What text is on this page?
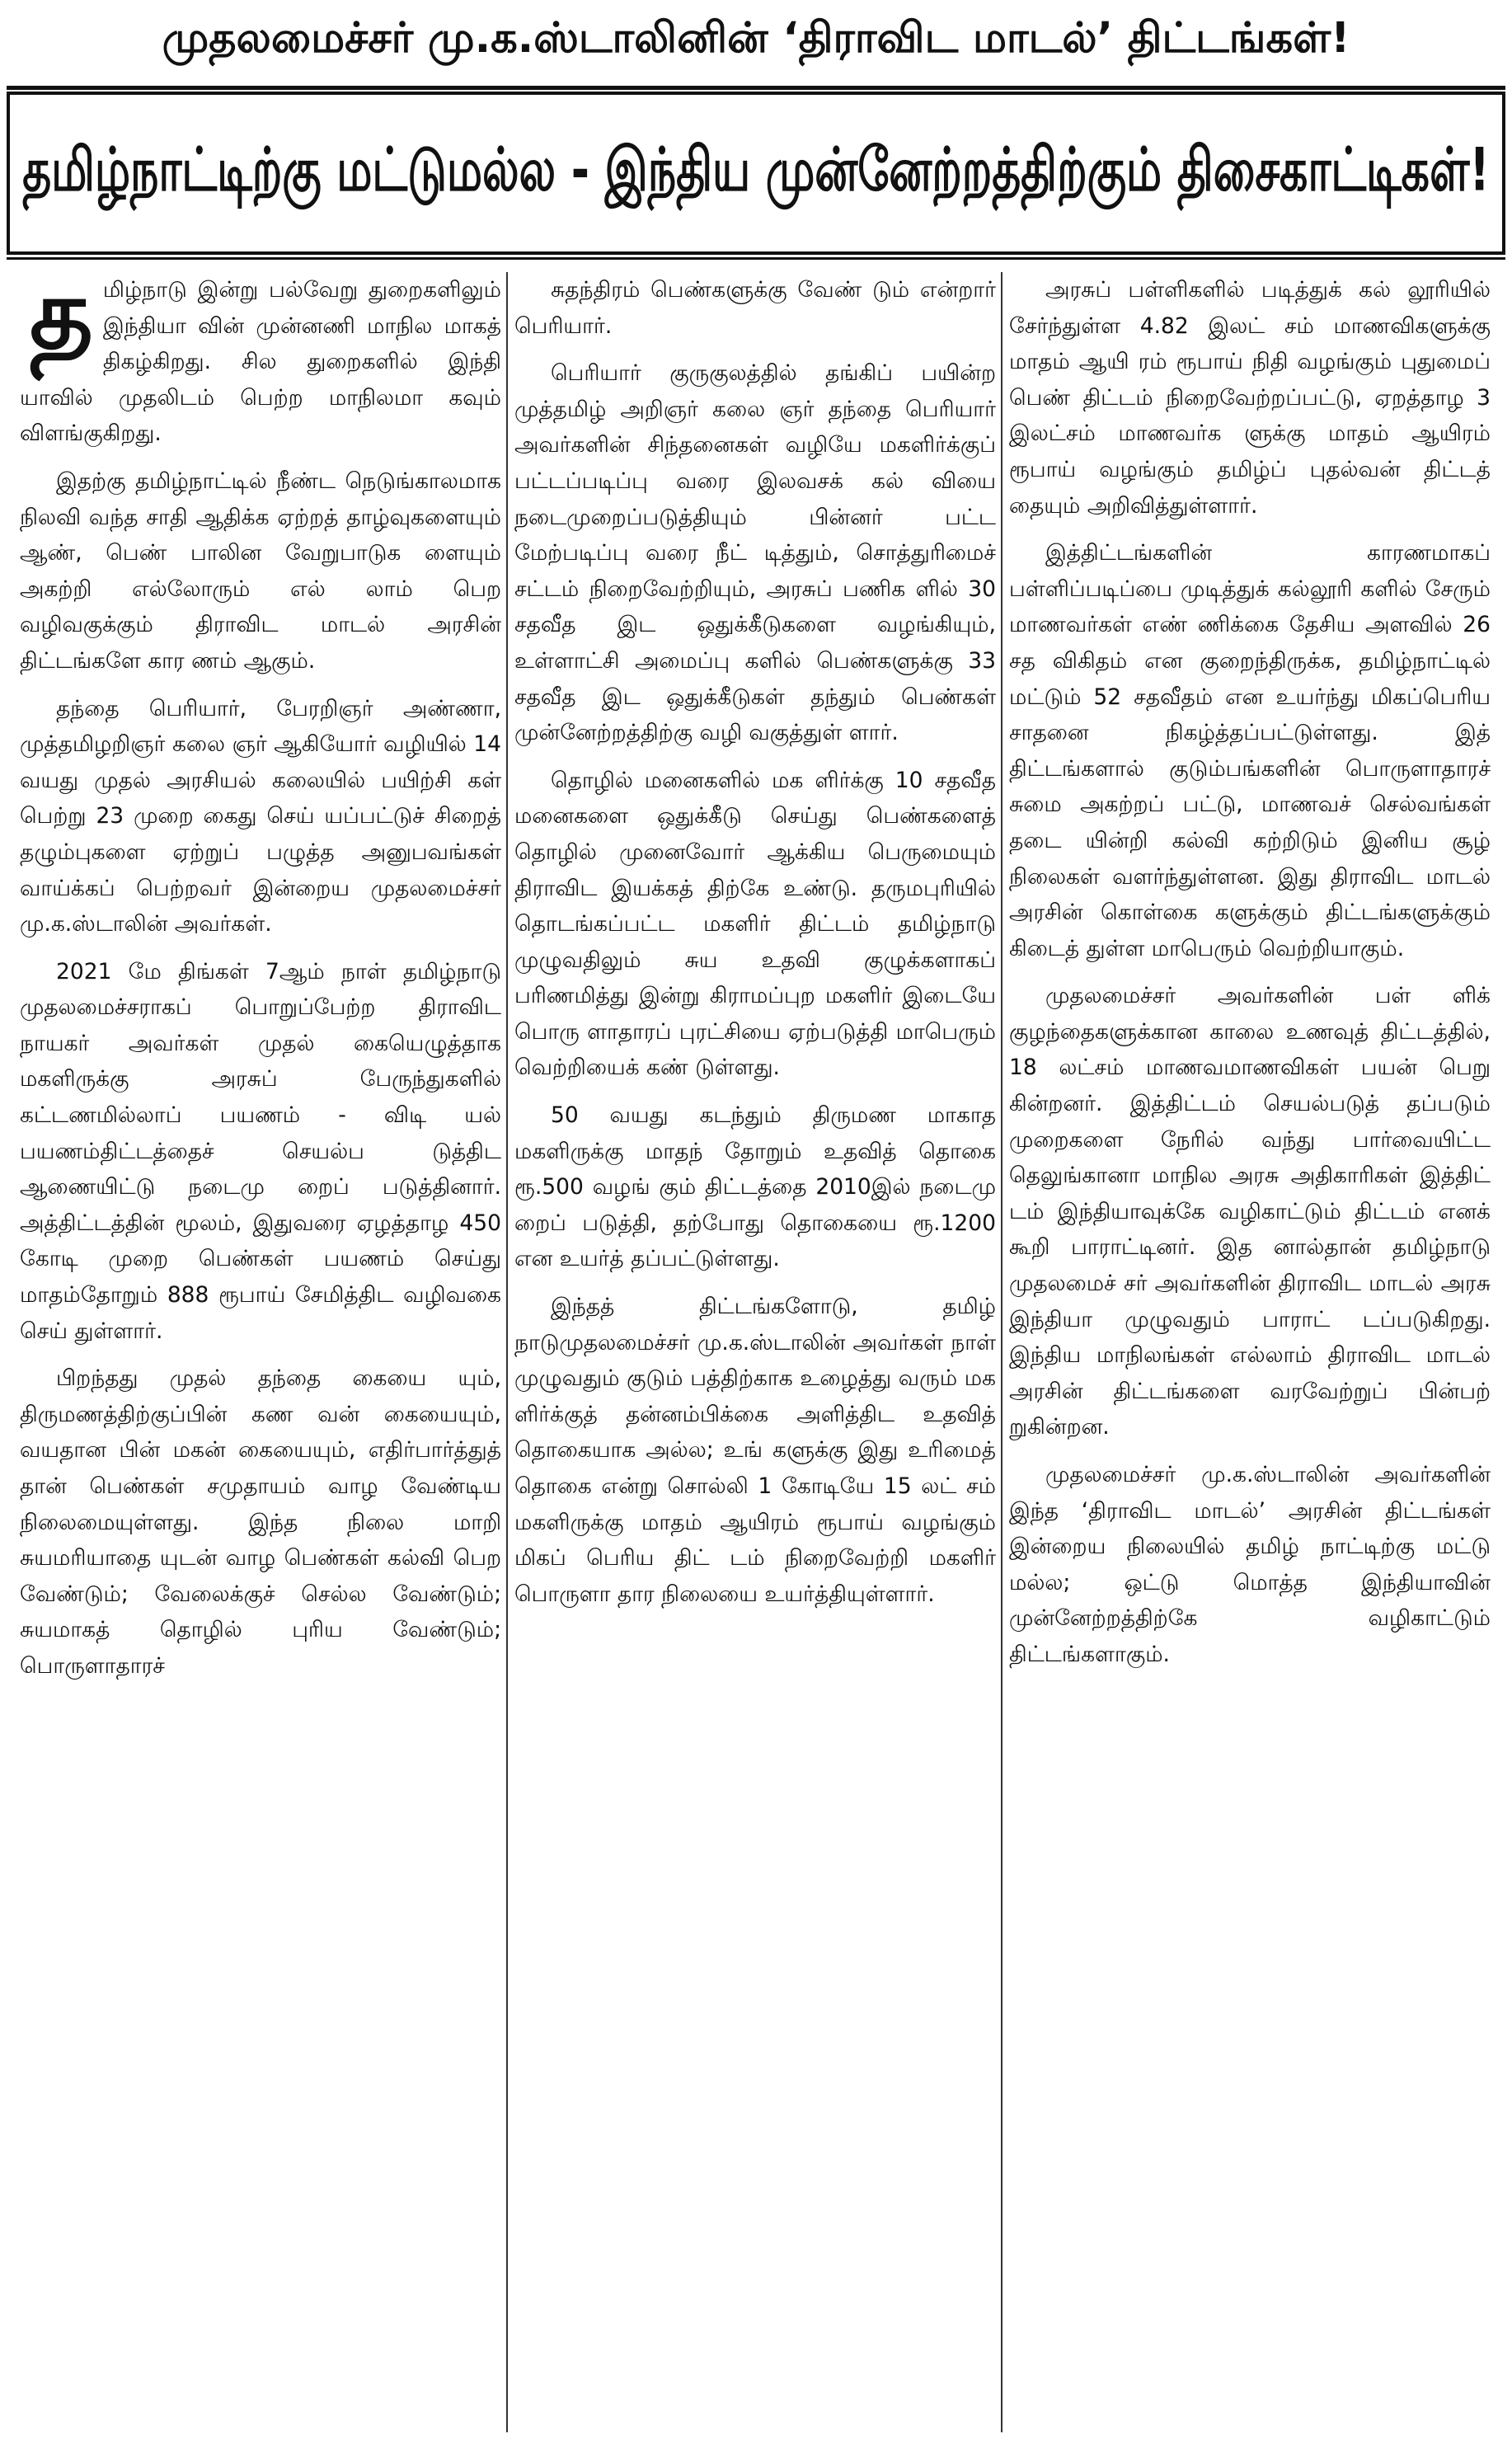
முதலமைச்சர் மு.க.ஸ்டாலினின் ‘திராவிட மாடல்’ திட்டங்கள்!
தமிழ்நாட்டிற்கு மட்டுமல்ல - இந்திய முன்னேற்றத்திற்கும் திசைகாட்டிகள்!

தமிழ்நாடு இன்று பல்வேறு துறைகளிலும் இந்தியா வின் முன்னணி மாநில மாகத் திகழ்கிறது. சில துறைகளில் இந்தி யாவில் முதலிடம் பெற்ற மாநிலமா கவும் விளங்குகிறது.

இதற்கு தமிழ்நாட்டில் நீண்ட நெடுங்காலமாக நிலவி வந்த சாதி ஆதிக்க ஏற்றத் தாழ்வுகளையும் ஆண், பெண் பாலின வேறுபாடுக ளையும் அகற்றி எல்லோரும் எல் லாம் பெற வழிவகுக்கும் திராவிட மாடல் அரசின் திட்டங்களே கார ணம் ஆகும்.

தந்தை பெரியார், பேரறிஞர் அண்ணா, முத்தமிழறிஞர் கலை ஞர் ஆகியோர் வழியில் 14 வயது முதல் அரசியல் கலையில் பயிற்சி கள் பெற்று 23 முறை கைது செய் யப்பட்டுச் சிறைத் தழும்புகளை ஏற்றுப் பழுத்த அனுபவங்கள் வாய்க்கப் பெற்றவர் இன்றைய முதலமைச்சர் மு.க.ஸ்டாலின் அவர்கள்.

2021 மே திங்கள் 7ஆம் நாள் தமிழ்நாடு முதலமைச்சராகப் பொறுப்பேற்ற திராவிட நாயகர் அவர்கள் முதல் கையெழுத்தாக மகளிருக்கு அரசுப் பேருந்துகளில் கட்டணமில்லாப் பயணம் - விடி யல் பயணம்திட்டத்தைச் செயல்ப டுத்திட ஆணையிட்டு நடைமு றைப் படுத்தினார். அத்திட்டத்தின் மூலம், இதுவரை ஏழத்தாழ 450 கோடி முறை பெண்கள் பயணம் செய்து மாதம்தோறும் 888 ரூபாய் சேமித்திட வழிவகை செய் துள்ளார்.

பிறந்தது முதல் தந்தை கையை யும், திருமணத்திற்குப்பின் கண வன் கையையும், வயதான பின் மகன் கையையும், எதிர்பார்த்துத் தான் பெண்கள் சமுதாயம் வாழ வேண்டிய நிலைமையுள்ளது. இந்த நிலை மாறி சுயமரியாதை யுடன் வாழ பெண்கள் கல்வி பெற வேண்டும்; வேலைக்குச் செல்ல வேண்டும்; சுயமாகத் தொழில் புரிய வேண்டும்; பொருளாதாரச்

சுதந்திரம் பெண்களுக்கு வேண் டும் என்றார் பெரியார்.

பெரியார் குருகுலத்தில் தங்கிப் பயின்ற முத்தமிழ் அறிஞர் கலை ஞர் தந்தை பெரியார் அவர்களின் சிந்தனைகள் வழியே மகளிர்க்குப் பட்டப்படிப்பு வரை இலவசக் கல் வியை நடைமுறைப்படுத்தியும் பின்னர் பட்ட மேற்படிப்பு வரை நீட் டித்தும், சொத்துரிமைச் சட்டம் நிறைவேற்றியும், அரசுப் பணிக ளில் 30 சதவீத இட ஒதுக்கீடுகளை வழங்கியும், உள்ளாட்சி அமைப்பு களில் பெண்களுக்கு 33 சதவீத இட ஒதுக்கீடுகள் தந்தும் பெண்கள் முன்னேற்றத்திற்கு வழி வகுத்துள் ளார்.

தொழில் மனைகளில் மக ளிர்க்கு 10 சதவீத மனைகளை ஒதுக்கீடு செய்து பெண்களைத் தொழில் முனைவோர் ஆக்கிய பெருமையும் திராவிட இயக்கத் திற்கே உண்டு. தருமபுரியில் தொடங்கப்பட்ட மகளிர் திட்டம் தமிழ்நாடு முழுவதிலும் சுய உதவி குழுக்களாகப் பரிணமித்து இன்று கிராமப்புற மகளிர் இடையே பொரு ளாதாரப் புரட்சியை ஏற்படுத்தி மாபெரும் வெற்றியைக் கண் டுள்ளது.

50 வயது கடந்தும் திருமண மாகாத மகளிருக்கு மாதந் தோறும் உதவித் தொகை ரூ.500 வழங் கும் திட்டத்தை 2010இல் நடைமு றைப் படுத்தி, தற்போது தொகையை ரூ.1200 என உயர்த் தப்பட்டுள்ளது.

இந்தத் திட்டங்களோடு, தமிழ் நாடுமுதலமைச்சர் மு.க.ஸ்டாலின் அவர்கள் நாள் முழுவதும் குடும் பத்திற்காக உழைத்து வரும் மக ளிர்க்குத் தன்னம்பிக்கை அளித்திட உதவித் தொகையாக அல்ல; உங் களுக்கு இது உரிமைத் தொகை என்று சொல்லி 1 கோடியே 15 லட் சம் மகளிருக்கு மாதம் ஆயிரம் ரூபாய் வழங்கும் மிகப் பெரிய திட் டம் நிறைவேற்றி மகளிர் பொருளா தார நிலையை உயர்த்தியுள்ளார்.

அரசுப் பள்ளிகளில் படித்துக் கல் லூரியில் சேர்ந்துள்ள 4.82 இலட் சம் மாணவிகளுக்கு மாதம் ஆயி ரம் ரூபாய் நிதி வழங்கும் புதுமைப் பெண் திட்டம் நிறைவேற்றப்பட்டு, ஏறத்தாழ 3 இலட்சம் மாணவர்க ளுக்கு மாதம் ஆயிரம் ரூபாய் வழங்கும் தமிழ்ப் புதல்வன் திட்டத் தையும் அறிவித்துள்ளார்.

இத்திட்டங்களின் காரணமாகப் பள்ளிப்படிப்பை முடித்துக் கல்லூரி களில் சேரும் மாணவர்கள் எண் ணிக்கை தேசிய அளவில் 26 சத விகிதம் என குறைந்திருக்க, தமிழ்நாட்டில் மட்டும் 52 சதவீதம் என உயர்ந்து மிகப்பெரிய சாதனை நிகழ்த்தப்பட்டுள்ளது. இத் திட்டங்களால் குடும்பங்களின் பொருளாதாரச் சுமை அகற்றப் பட்டு, மாணவச் செல்வங்கள் தடை யின்றி கல்வி கற்றிடும் இனிய சூழ் நிலைகள் வளர்ந்துள்ளன. இது திராவிட மாடல் அரசின் கொள்கை களுக்கும் திட்டங்களுக்கும் கிடைத் துள்ள மாபெரும் வெற்றியாகும்.

முதலமைச்சர் அவர்களின் பள் ளிக் குழந்தைகளுக்கான காலை உணவுத் திட்டத்தில், 18 லட்சம் மாணவமாணவிகள் பயன் பெறு கின்றனர். இத்திட்டம் செயல்படுத் தப்படும் முறைகளை நேரில் வந்து பார்வையிட்ட தெலுங்கானா மாநில அரசு அதிகாரிகள் இத்திட் டம் இந்தியாவுக்கே வழிகாட்டும் திட்டம் எனக் கூறி பாராட்டினர். இத னால்தான் தமிழ்நாடு முதலமைச் சர் அவர்களின் திராவிட மாடல் அரசு இந்தியா முழுவதும் பாராட் டப்படுகிறது. இந்திய மாநிலங்கள் எல்லாம் திராவிட மாடல் அரசின் திட்டங்களை வரவேற்றுப் பின்பற் றுகின்றன.

முதலமைச்சர் மு.க.ஸ்டாலின் அவர்களின் இந்த ‘திராவிட மாடல்’ அரசின் திட்டங்கள் இன்றைய நிலையில் தமிழ் நாட்டிற்கு மட்டு மல்ல; ஒட்டு மொத்த இந்தியாவின் முன்னேற்றத்திற்கே வழிகாட்டும் திட்டங்களாகும்.
